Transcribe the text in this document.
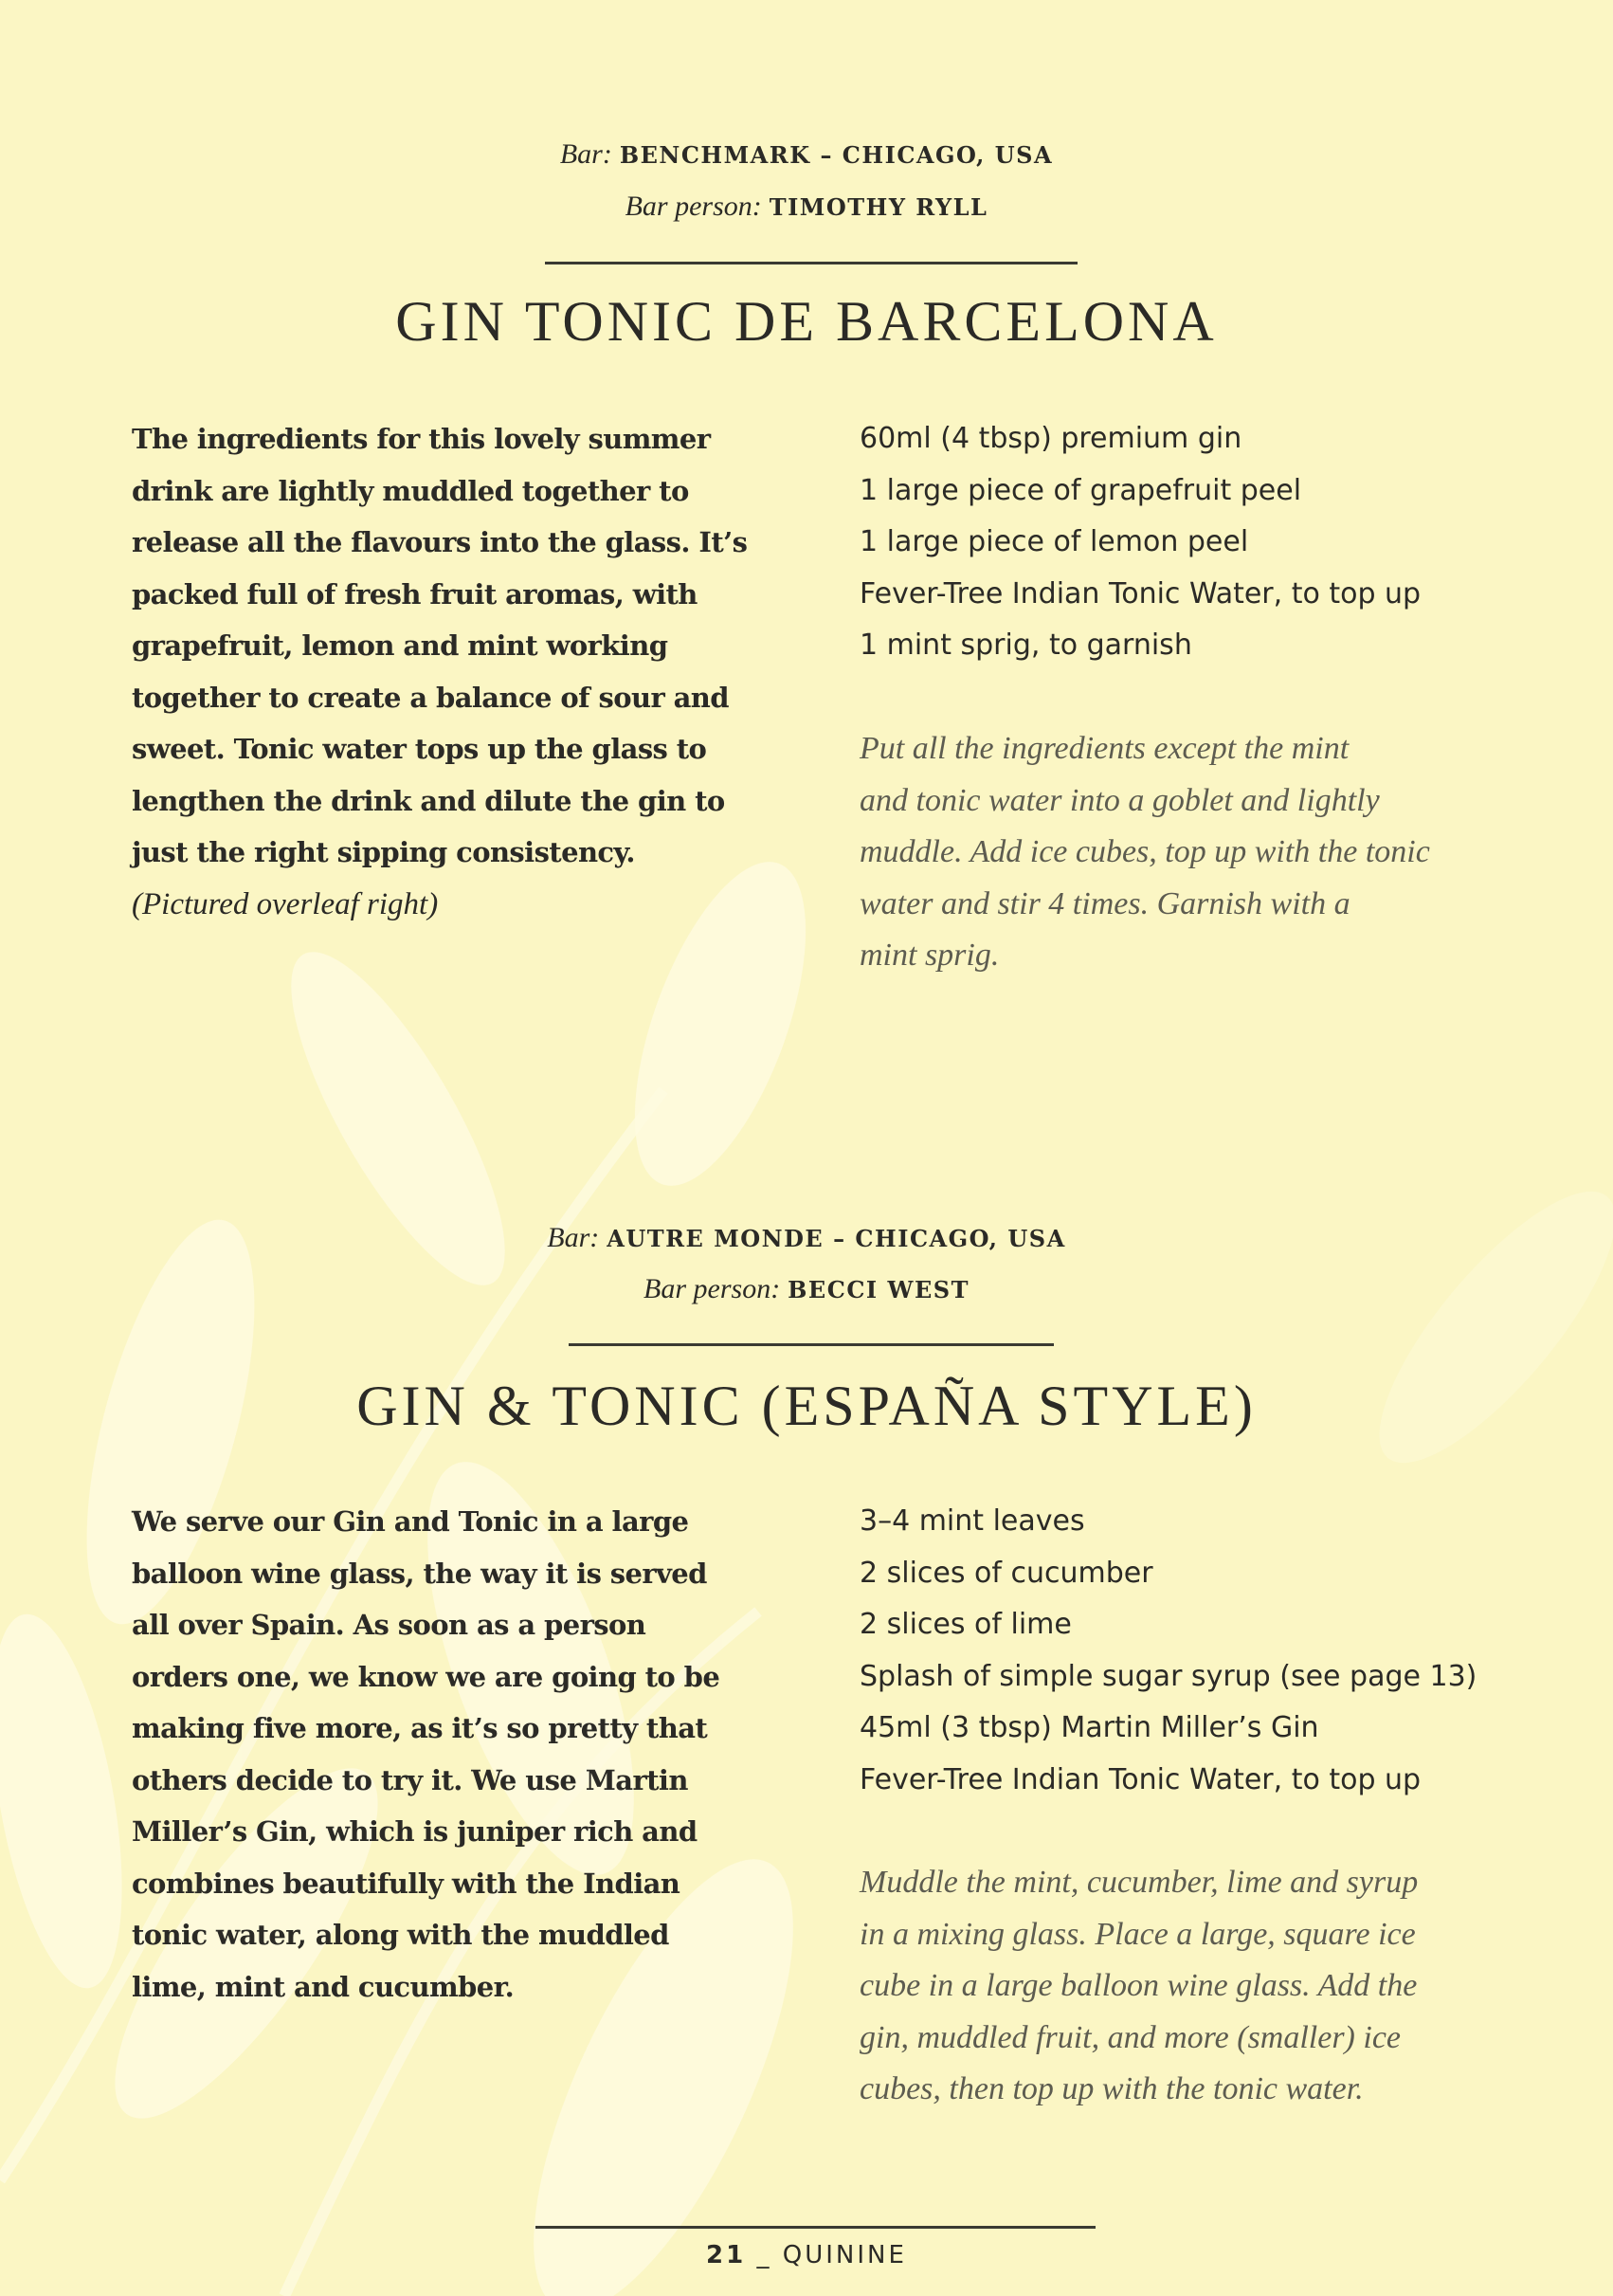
Bar: BENCHMARK – CHICAGO, USA
Bar person: TIMOTHY RYLL
GIN TONIC DE BARCELONA
The ingredients for this lovely summer
drink are lightly muddled together to
release all the flavours into the glass. It’s
packed full of fresh fruit aromas, with
grapefruit, lemon and mint working
together to create a balance of sour and
sweet. Tonic water tops up the glass to
lengthen the drink and dilute the gin to
just the right sipping consistency.
(Pictured overleaf right)
60ml (4 tbsp) premium gin
1 large piece of grapefruit peel
1 large piece of lemon peel
Fever-Tree Indian Tonic Water, to top up
1 mint sprig, to garnish
Put all the ingredients except the mint
and tonic water into a goblet and lightly
muddle. Add ice cubes, top up with the tonic
water and stir 4 times. Garnish with a
mint sprig.
Bar: AUTRE MONDE – CHICAGO, USA
Bar person: BECCI WEST
GIN & TONIC (ESPAÑA STYLE)
We serve our Gin and Tonic in a large
balloon wine glass, the way it is served
all over Spain. As soon as a person
orders one, we know we are going to be
making five more, as it’s so pretty that
others decide to try it. We use Martin
Miller’s Gin, which is juniper rich and
combines beautifully with the Indian
tonic water, along with the muddled
lime, mint and cucumber.
3–4 mint leaves
2 slices of cucumber
2 slices of lime
Splash of simple sugar syrup (see page 13)
45ml (3 tbsp) Martin Miller’s Gin
Fever-Tree Indian Tonic Water, to top up
Muddle the mint, cucumber, lime and syrup
in a mixing glass. Place a large, square ice
cube in a large balloon wine glass. Add the
gin, muddled fruit, and more (smaller) ice
cubes, then top up with the tonic water.
21 _ QUININE
